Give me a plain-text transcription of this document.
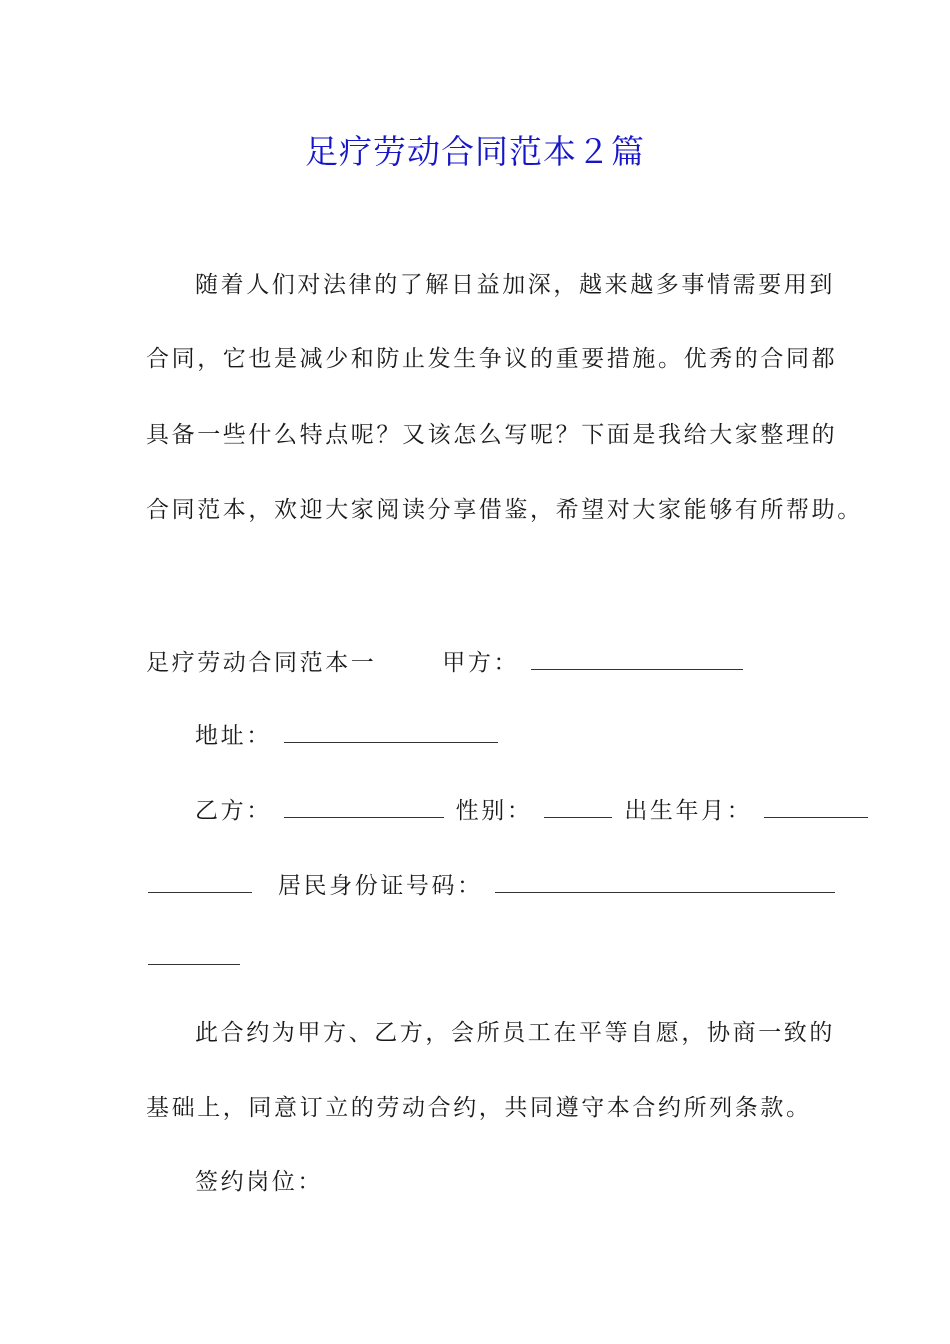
足疗劳动合同范本２篇
随着人们对法律的了解日益加深，越来越多事情需要用到
合同，它也是减少和防止发生争议的重要措施。优秀的合同都
具备一些什么特点呢？又该怎么写呢？下面是我给大家整理的
合同范本，欢迎大家阅读分享借鉴，希望对大家能够有所帮助。
足疗劳动合同范本一	甲方：
地址：
乙方：	性别：	出生年月：
居民身份证号码：
此合约为甲方、乙方，会所员工在平等自愿，协商一致的
基础上，同意订立的劳动合约，共同遵守本合约所列条款。
签约岗位：
